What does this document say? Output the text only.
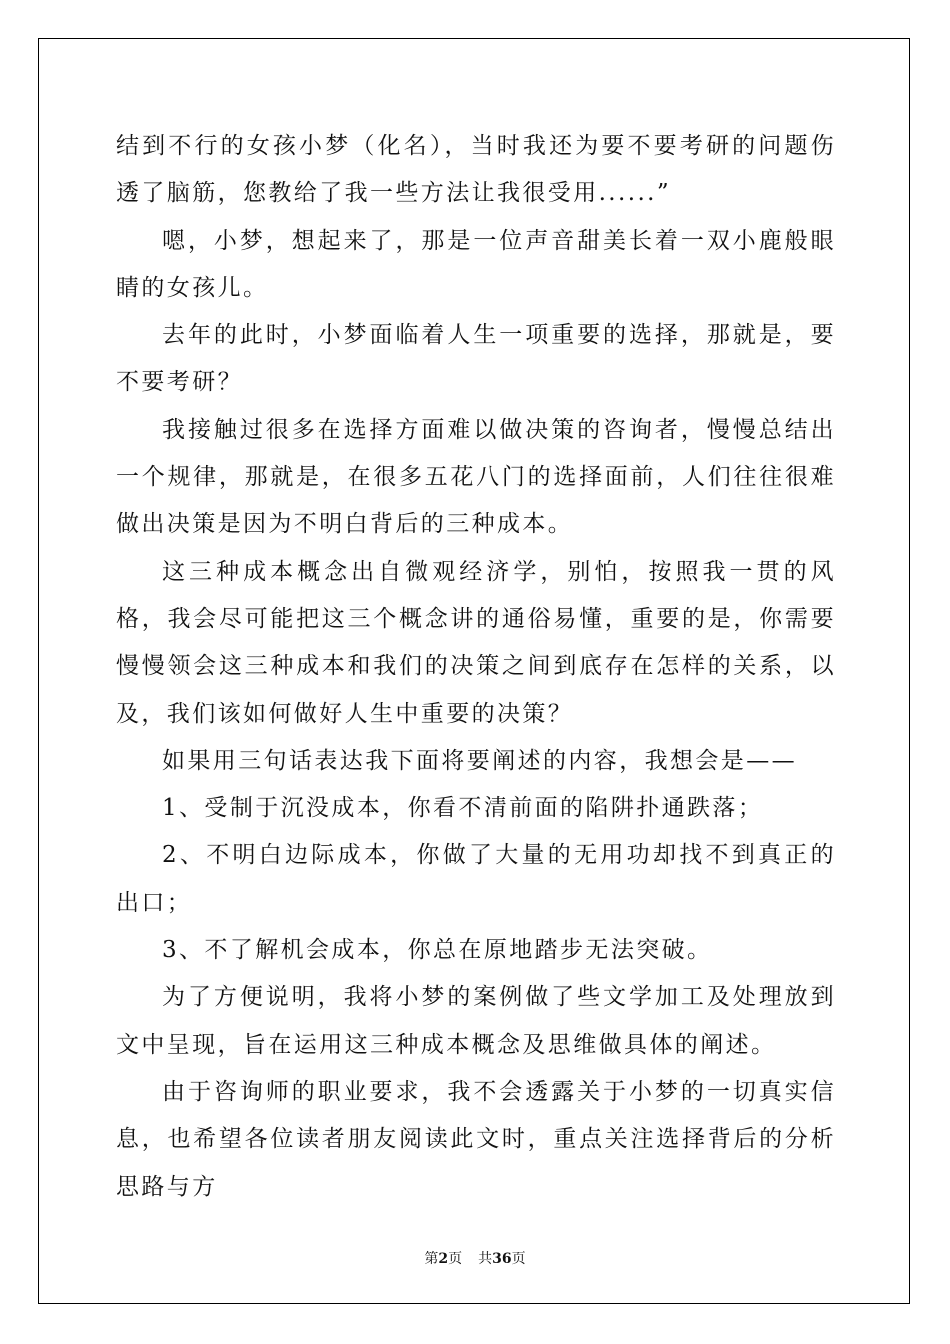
结到不行的女孩小梦（化名），当时我还为要不要考研的问题伤透了脑筋，您教给了我一些方法让我很受用......”

嗯，小梦，想起来了，那是一位声音甜美长着一双小鹿般眼睛的女孩儿。

去年的此时，小梦面临着人生一项重要的选择，那就是，要不要考研？

我接触过很多在选择方面难以做决策的咨询者，慢慢总结出一个规律，那就是，在很多五花八门的选择面前，人们往往很难做出决策是因为不明白背后的三种成本。

这三种成本概念出自微观经济学，别怕，按照我一贯的风格，我会尽可能把这三个概念讲的通俗易懂，重要的是，你需要慢慢领会这三种成本和我们的决策之间到底存在怎样的关系，以及，我们该如何做好人生中重要的决策？

如果用三句话表达我下面将要阐述的内容，我想会是——

1、受制于沉没成本，你看不清前面的陷阱扑通跌落；

2、不明白边际成本，你做了大量的无用功却找不到真正的出口；

3、不了解机会成本，你总在原地踏步无法突破。

为了方便说明，我将小梦的案例做了些文学加工及处理放到文中呈现，旨在运用这三种成本概念及思维做具体的阐述。

由于咨询师的职业要求，我不会透露关于小梦的一切真实信息，也希望各位读者朋友阅读此文时，重点关注选择背后的分析思路与方

第2页 共36页
